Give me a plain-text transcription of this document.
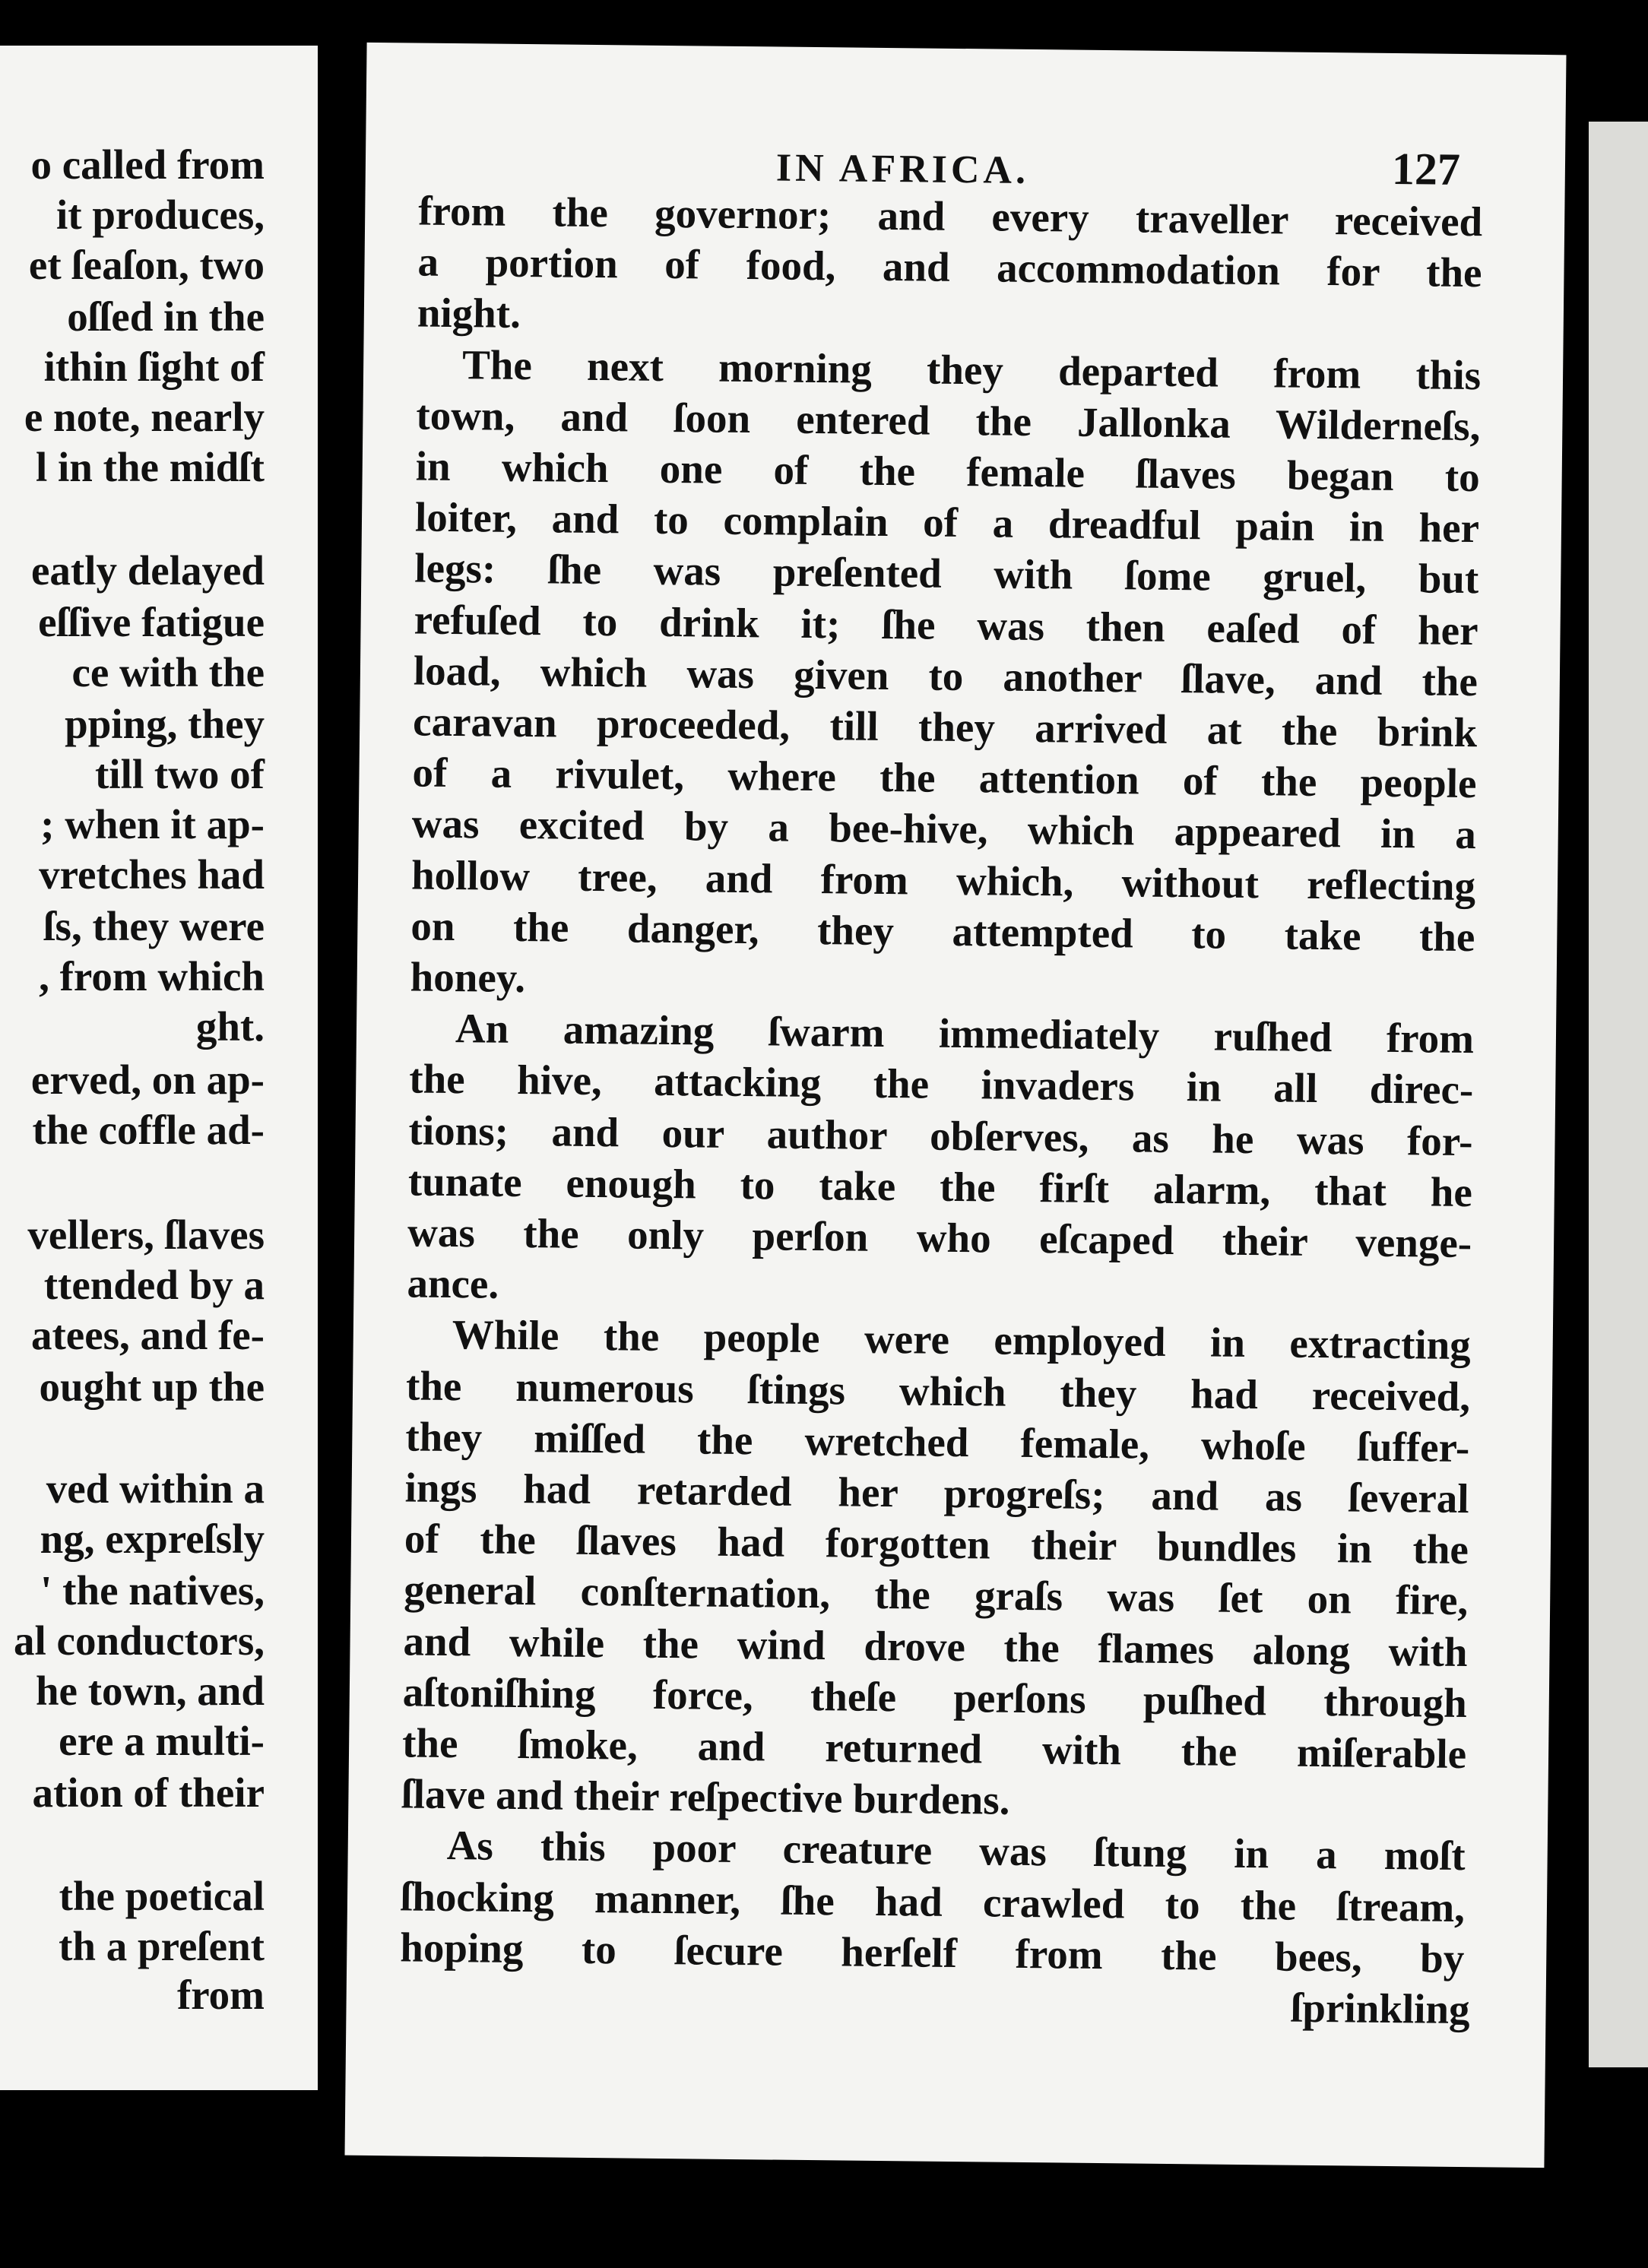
o called from
it produces,
et ſeaſon, two
oſſed in the
ithin ſight of
e note, nearly
l in the midſt
eatly delayed
eſſive fatigue
ce with the
pping, they
till two of
; when it ap-
vretches had
ſs, they were
, from which
ght.
erved, on ap-
the coffle ad-
vellers, ſlaves
ttended by a
atees, and fe-
ought up the
ved within a
ng, expreſsly
' the natives,
al conductors,
he town, and
ere a multi-
ation of their
the poetical
th a preſent
from
IN AFRICA.	127
from the governor; and every traveller received
a portion of food, and accommodation for the
night.
The next morning they departed from this
town, and ſoon entered the Jallonka Wilderneſs,
in which one of the female ſlaves began to
loiter, and to complain of a dreadful pain in her
legs: ſhe was preſented with ſome gruel, but
refuſed to drink it; ſhe was then eaſed of her
load, which was given to another ſlave, and the
caravan proceeded, till they arrived at the brink
of a rivulet, where the attention of the people
was excited by a bee-hive, which appeared in a
hollow tree, and from which, without reflecting
on the danger, they attempted to take the
honey.
An amazing ſwarm immediately ruſhed from
the hive, attacking the invaders in all direc-
tions; and our author obſerves, as he was for-
tunate enough to take the firſt alarm, that he
was the only perſon who eſcaped their venge-
ance.
While the people were employed in extracting
the numerous ſtings which they had received,
they miſſed the wretched female, whoſe ſuffer-
ings had retarded her progreſs; and as ſeveral
of the ſlaves had forgotten their bundles in the
general conſternation, the graſs was ſet on fire,
and while the wind drove the flames along with
aſtoniſhing force, theſe perſons puſhed through
the ſmoke, and returned with the miſerable
ſlave and their reſpective burdens.
As this poor creature was ſtung in a moſt
ſhocking manner, ſhe had crawled to the ſtream,
hoping to ſecure herſelf from the bees, by
ſprinkling
